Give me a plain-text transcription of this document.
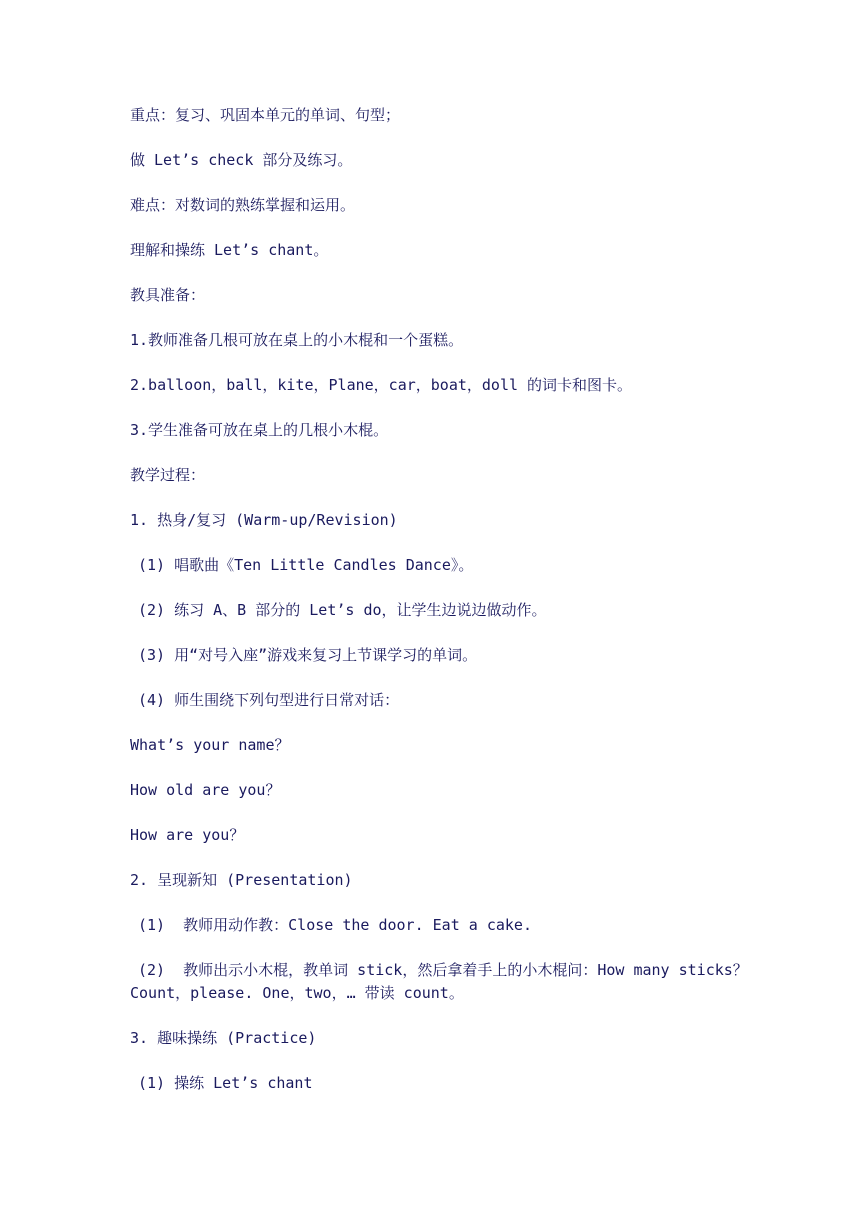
重点：复习、巩固本单元的单词、句型；

做 Let’s check 部分及练习。

难点：对数词的熟练掌握和运用。

理解和操练 Let’s chant。

教具准备：

1.教师准备几根可放在桌上的小木棍和一个蛋糕。

2.balloon，ball，kite，Plane，car，boat，doll 的词卡和图卡。

3.学生准备可放在桌上的几根小木棍。

教学过程：

1. 热身/复习 (Warm-up/Revision)

(1) 唱歌曲《Ten Little Candles Dance》。

(2) 练习 A、B 部分的 Let’s do，让学生边说边做动作。

(3) 用“对号入座”游戏来复习上节课学习的单词。

(4) 师生围绕下列句型进行日常对话：

What’s your name？

How old are you？

How are you？

2. 呈现新知 (Presentation)

(1)  教师用动作教：Close the door. Eat a cake.

(2)  教师出示小木棍，教单词 stick，然后拿着手上的小木棍问：How many sticks？Count，please. One，two，… 带读 count。

3. 趣味操练 (Practice)

(1) 操练 Let’s chant
